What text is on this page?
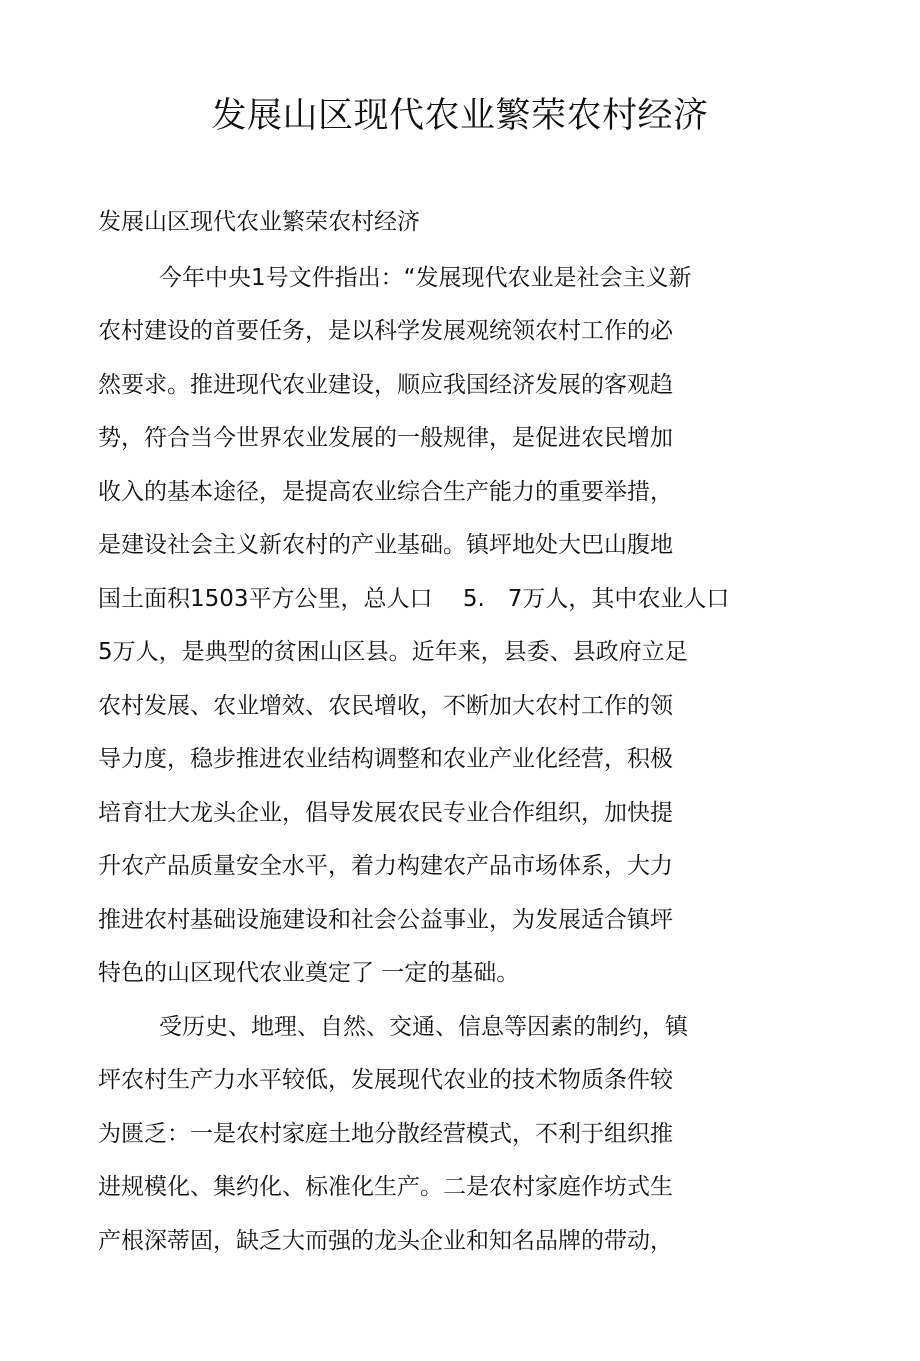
发展山区现代农业繁荣农村经济

发展山区现代农业繁荣农村经济

今年中央1号文件指出：“发展现代农业是社会主义新

农村建设的首要任务，是以科学发展观统领农村工作的必

然要求。推进现代农业建设，顺应我国经济发展的客观趋

势，符合当今世界农业发展的一般规律，是促进农民增加

收入的基本途径，是提高农业综合生产能力的重要举措，

是建设社会主义新农村的产业基础。镇坪地处大巴山腹地

国土面积1503平方公里，总人口　 5.　7万人，其中农业人口

5万人，是典型的贫困山区县。近年来，县委、县政府立足

农村发展、农业增效、农民增收，不断加大农村工作的领

导力度，稳步推进农业结构调整和农业产业化经营，积极

培育壮大龙头企业，倡导发展农民专业合作组织，加快提

升农产品质量安全水平，着力构建农产品市场体系，大力

推进农村基础设施建设和社会公益事业，为发展适合镇坪

特色的山区现代农业奠定了 一定的基础。

受历史、地理、自然、交通、信息等因素的制约，镇

坪农村生产力水平较低，发展现代农业的技术物质条件较

为匮乏：一是农村家庭土地分散经营模式，不利于组织推

进规模化、集约化、标准化生产。二是农村家庭作坊式生

产根深蒂固，缺乏大而强的龙头企业和知名品牌的带动，
